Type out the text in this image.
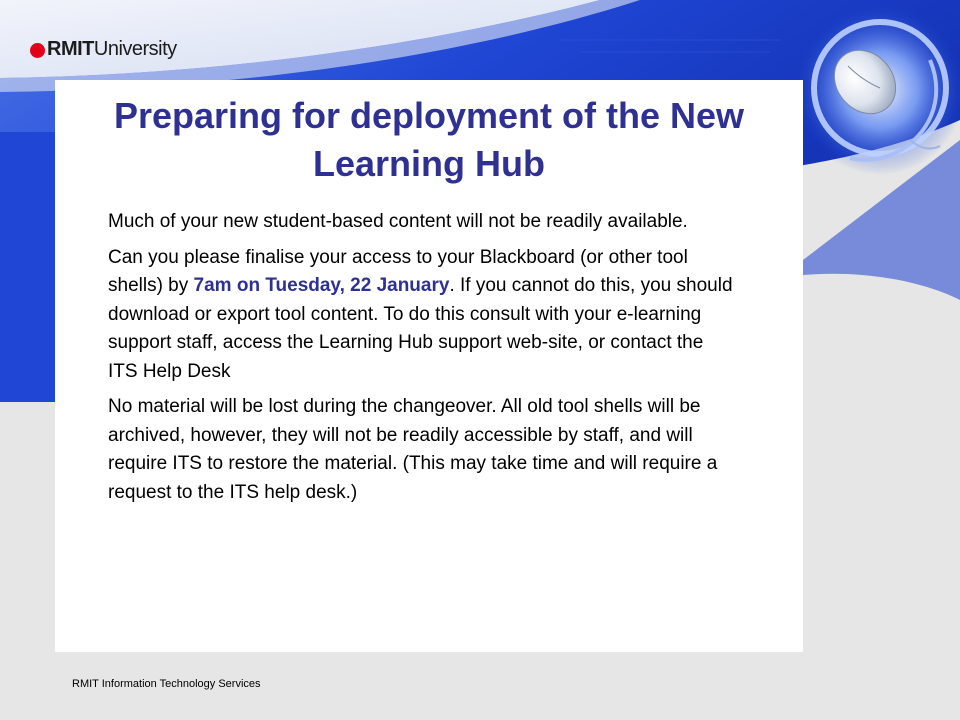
RMIT University
Preparing for deployment of the New Learning Hub

Much of your new student-based content will not be readily available.

Can you please finalise your access to your Blackboard (or other tool shells) by 7am on Tuesday, 22 January. If you cannot do this, you should download or export tool content. To do this consult with your e-learning support staff, access the Learning Hub support web-site, or contact the ITS Help Desk

No material will be lost during the changeover. All old tool shells will be archived, however, they will not be readily accessible by staff, and will require ITS to restore the material. (This may take time and will require a request to the ITS help desk.)

RMIT Information Technology Services
